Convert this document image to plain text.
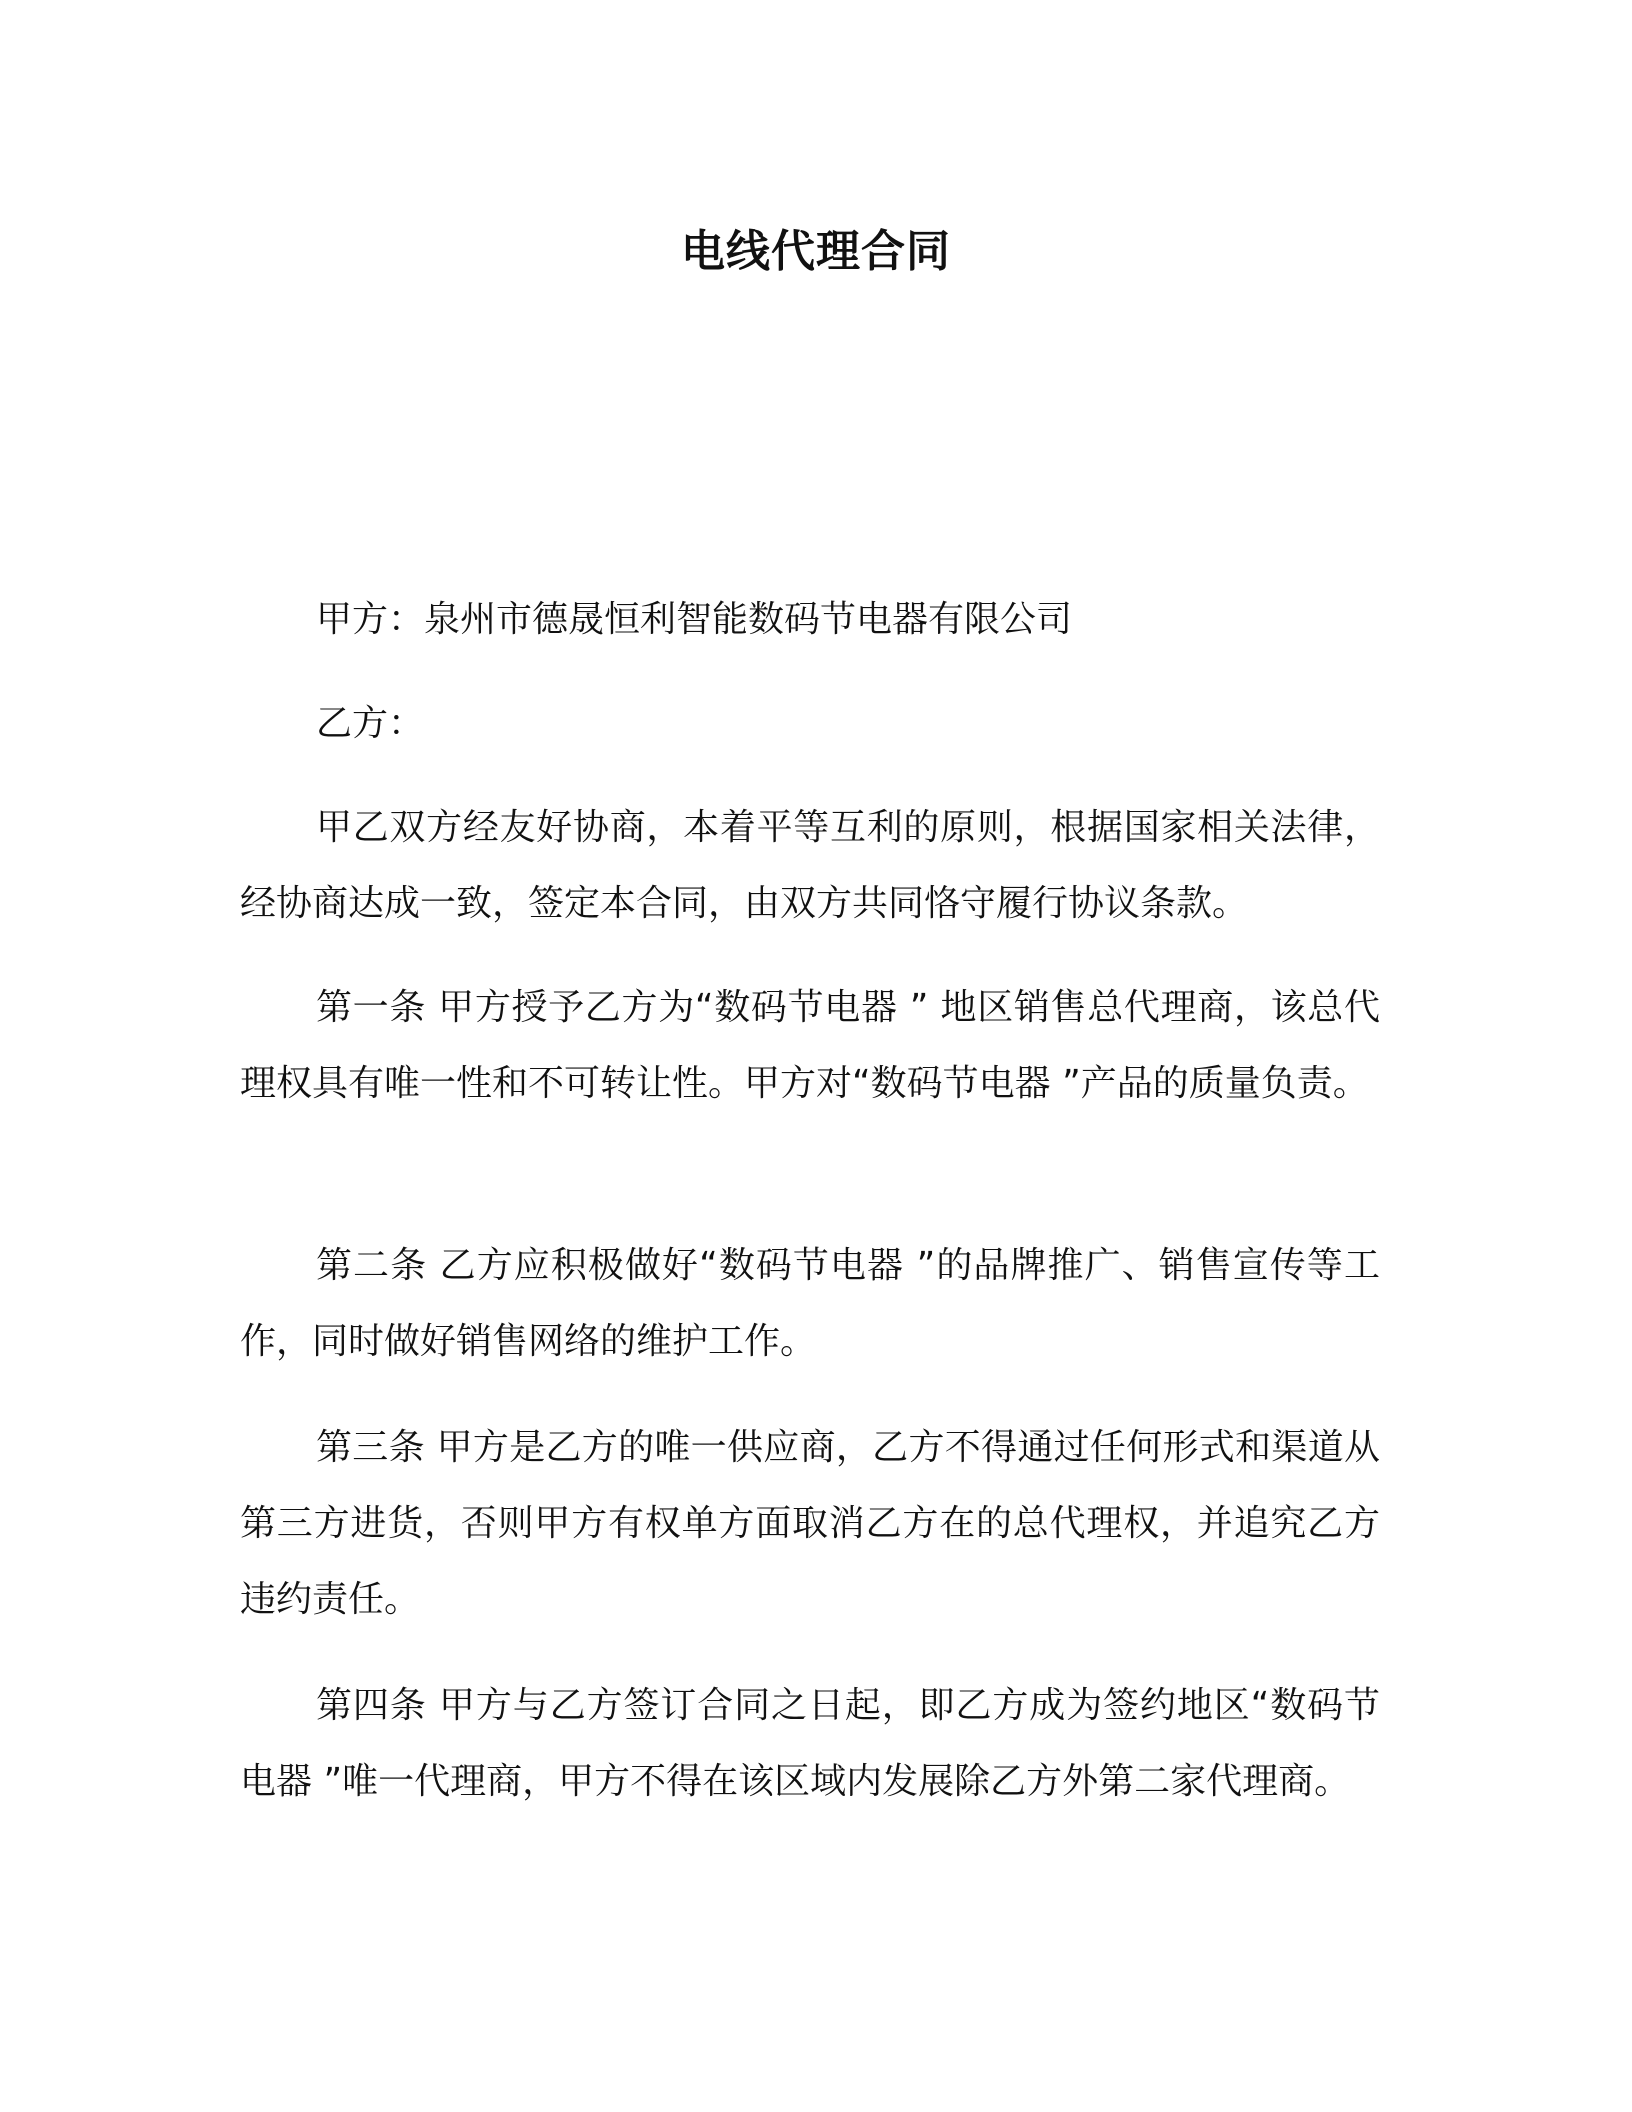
电线代理合同

甲方：泉州市德晟恒利智能数码节电器有限公司

乙方：

甲乙双方经友好协商，本着平等互利的原则，根据国家相关法律，经协商达成一致，签定本合同，由双方共同恪守履行协议条款。

第一条 甲方授予乙方为“数码节电器 ” 地区销售总代理商，该总代理权具有唯一性和不可转让性。甲方对“数码节电器 ”产品的质量负责。

第二条 乙方应积极做好“数码节电器 ”的品牌推广、销售宣传等工作，同时做好销售网络的维护工作。

第三条 甲方是乙方的唯一供应商，乙方不得通过任何形式和渠道从第三方进货，否则甲方有权单方面取消乙方在的总代理权，并追究乙方违约责任。

第四条 甲方与乙方签订合同之日起，即乙方成为签约地区“数码节电器 ”唯一代理商，甲方不得在该区域内发展除乙方外第二家代理商。
